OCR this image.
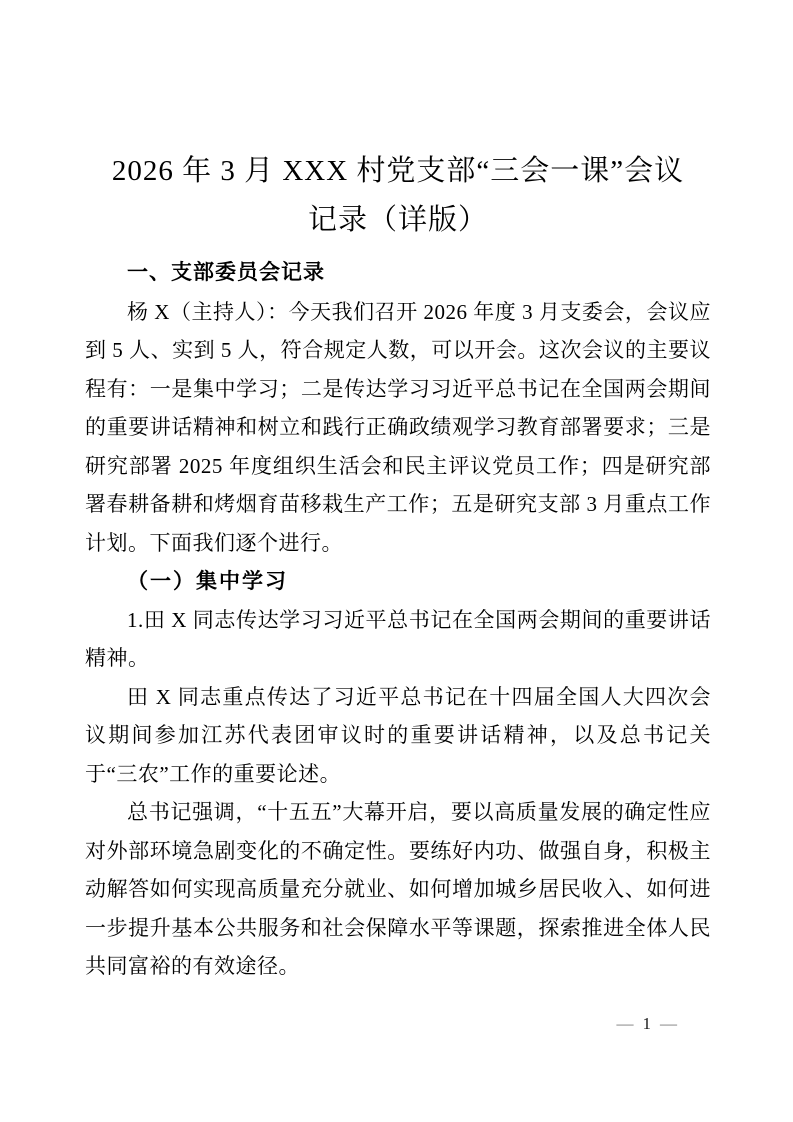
2026 年 3 月 XXX 村党支部“三会一课”会议
记录（详版）
一、支部委员会记录

杨 X（主持人）：今天我们召开 2026 年度 3 月支委会，会议应到 5 人、实到 5 人，符合规定人数，可以开会。这次会议的主要议程有：一是集中学习；二是传达学习习近平总书记在全国两会期间的重要讲话精神和树立和践行正确政绩观学习教育部署要求；三是研究部署 2025 年度组织生活会和民主评议党员工作；四是研究部署春耕备耕和烤烟育苗移栽生产工作；五是研究支部 3 月重点工作计划。下面我们逐个进行。

（一）集中学习

1.田 X 同志传达学习习近平总书记在全国两会期间的重要讲话精神。

田 X 同志重点传达了习近平总书记在十四届全国人大四次会议期间参加江苏代表团审议时的重要讲话精神，以及总书记关于“三农”工作的重要论述。

总书记强调，“十五五”大幕开启，要以高质量发展的确定性应对外部环境急剧变化的不确定性。要练好内功、做强自身，积极主动解答如何实现高质量充分就业、如何增加城乡居民收入、如何进一步提升基本公共服务和社会保障水平等课题，探索推进全体人民共同富裕的有效途径。

— 1 —
